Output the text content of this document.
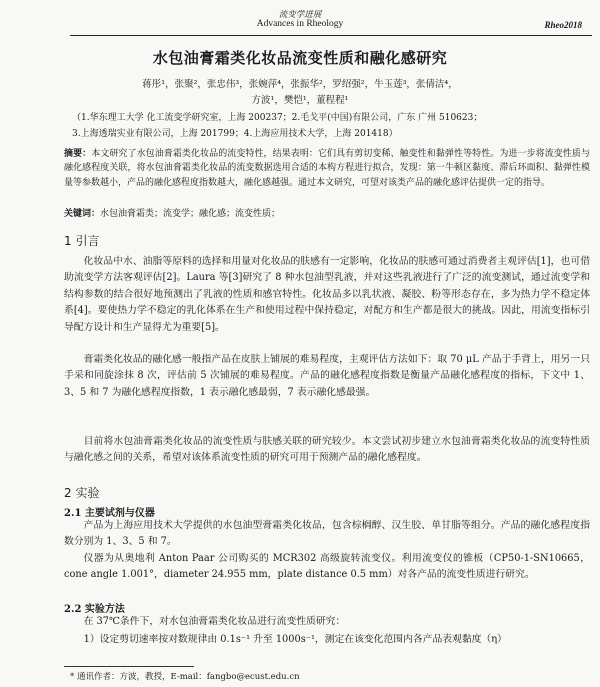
流变学进展
Advances in Rheology	Rheo2018
水包油膏霜类化妆品流变性质和融化感研究
蒋彤¹，张聚²，张忠伟³，张婉萍⁴，张振华²，罗绍强²，牛玉莲³，张倩洁⁴，
方波¹，樊恺¹，董程程¹
（1.华东理工大学 化工流变学研究室，上海 200237；2.毛戈平(中国)有限公司，广东 广州 510623；
3.上海透瑞实业有限公司，上海 201799；4.上海应用技术大学，上海 201418）
摘要：本文研究了水包油膏霜类化妆品的流变特性，结果表明：它们具有剪切变稀、触变性和黏弹性等特性。为进一步将流变性质与融化感程度关联，将水包油膏霜类化妆品的流变数据选用合适的本构方程进行拟合，发现：第一牛顿区黏度、滞后环面积、黏弹性模量等参数越小，产品的融化感程度指数越大，融化感越强。通过本文研究，可望对该类产品的融化感评估提供一定的指导。
关键词：水包油膏霜类；流变学；融化感；流变性质；
1 引言
化妆品中水、油脂等原料的选择和用量对化妆品的肤感有一定影响，化妆品的肤感可通过消费者主观评估[1]，也可借助流变学方法客观评估[2]。Laura 等[3]研究了 8 种水包油型乳液，并对这些乳液进行了广泛的流变测试，通过流变学和结构参数的结合很好地预测出了乳液的性质和感官特性。化妆品多以乳状液、凝胶、粉等形态存在，多为热力学不稳定体系[4]。要使热力学不稳定的乳化体系在生产和使用过程中保持稳定，对配方和生产都是很大的挑战。因此，用流变指标引导配方设计和生产显得尤为重要[5]。
膏霜类化妆品的融化感一般指产品在皮肤上铺展的难易程度，主观评估方法如下：取 70 μL 产品于手背上，用另一只手采和同旋涂抹 8 次，评估前 5 次铺展的难易程度。产品的融化感程度指数是衡量产品融化感程度的指标，下文中 1、3、5 和 7 为融化感程度指数，1 表示融化感最弱，7 表示融化感最强。
目前将水包油膏霜类化妆品的流变性质与肤感关联的研究较少。本文尝试初步建立水包油膏霜类化妆品的流变特性质与融化感之间的关系，希望对该体系流变性质的研究可用于预测产品的融化感程度。
2 实验
2.1 主要试剂与仪器
产品为上海应用技术大学提供的水包油型膏霜类化妆品，包含棕榈醇、汉生胶、单甘脂等组分。产品的融化感程度指数分别为 1、3、5 和 7。
仪器为从奥地利 Anton Paar 公司购买的 MCR302 高级旋转流变仪。利用流变仪的锥板（CP50-1-SN10665，cone angle 1.001°，diameter 24.955 mm，plate distance 0.5 mm）对各产品的流变性质进行研究。
2.2 实验方法
在 37℃条件下，对水包油膏霜类化妆品进行流变性质研究：
1）设定剪切速率按对数规律由 0.1s⁻¹ 升至 1000s⁻¹，测定在该变化范围内各产品表观黏度（η）
* 通讯作者：方波，教授，E-mail：fangbo@ecust.edu.cn
